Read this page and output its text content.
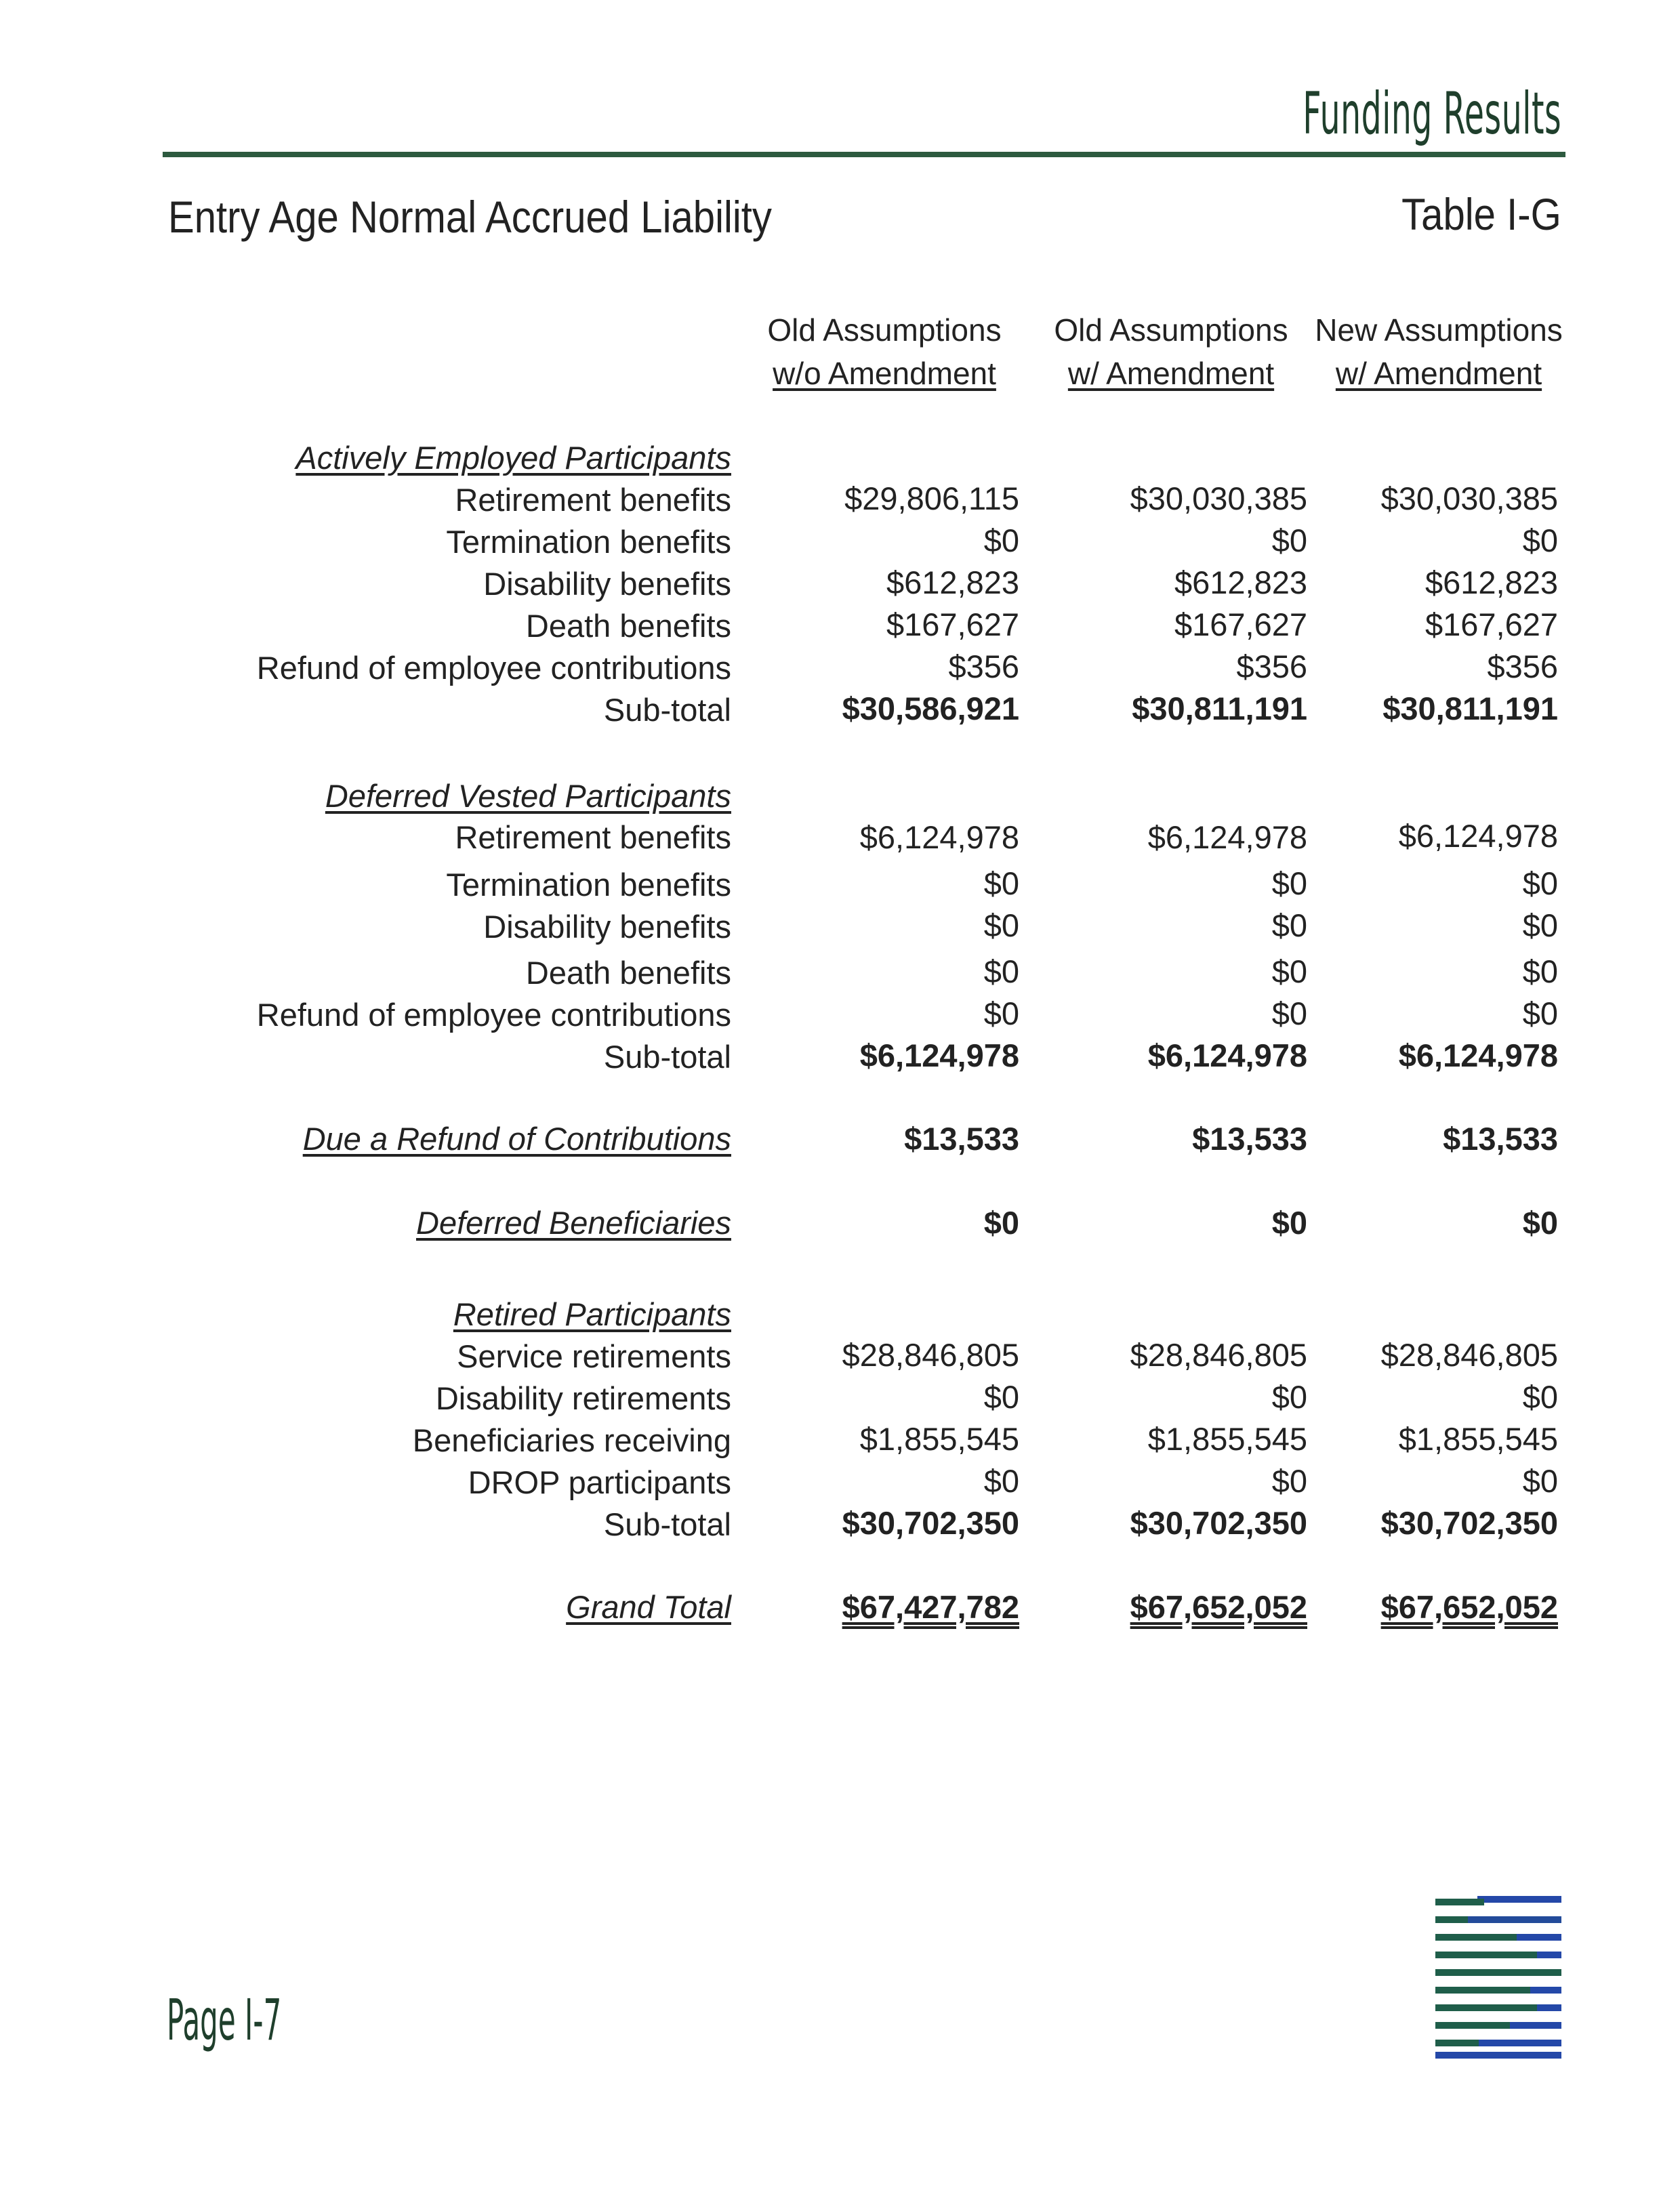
Funding Results
Entry Age Normal Accrued Liability	Table I-G
Old Assumptions
w/o Amendment
Old Assumptions
w/ Amendment
New Assumptions
w/ Amendment
Actively Employed Participants
Retirement benefits	$29,806,115	$30,030,385 $30,030,385
Termination benefits	$0	$0	$0
Disability benefits	$612,823	$612,823	$612,823
Death benefits	$167,627	$167,627	$167,627
Refund of employee contributions	$356	$356	$356
Sub-total	$30,586,921	$30,811,191 $30,811,191
Deferred Vested Participants
Retirement benefits	$6,124,978	$6,124,978	$6,124,978
Termination benefits	$0	$0	$0
Disability benefits	$0	$0	$0
Death benefits	$0	$0	$0
Refund of employee contributions	$0	$0	$0
Sub-total	$6,124,978	$6,124,978	$6,124,978
Due a Refund of Contributions	$13,533	$13,533	$13,533
Deferred Beneficiaries	$0	$0	$0
Retired Participants
Service retirements	$28,846,805	$28,846,805 $28,846,805
Disability retirements	$0	$0	$0
Beneficiaries receiving	$1,855,545	$1,855,545	$1,855,545
DROP participants	$0	$0	$0
Sub-total	$30,702,350	$30,702,350 $30,702,350
Grand Total	$67,427,782	$67,652,052 $67,652,052
Page I-7
